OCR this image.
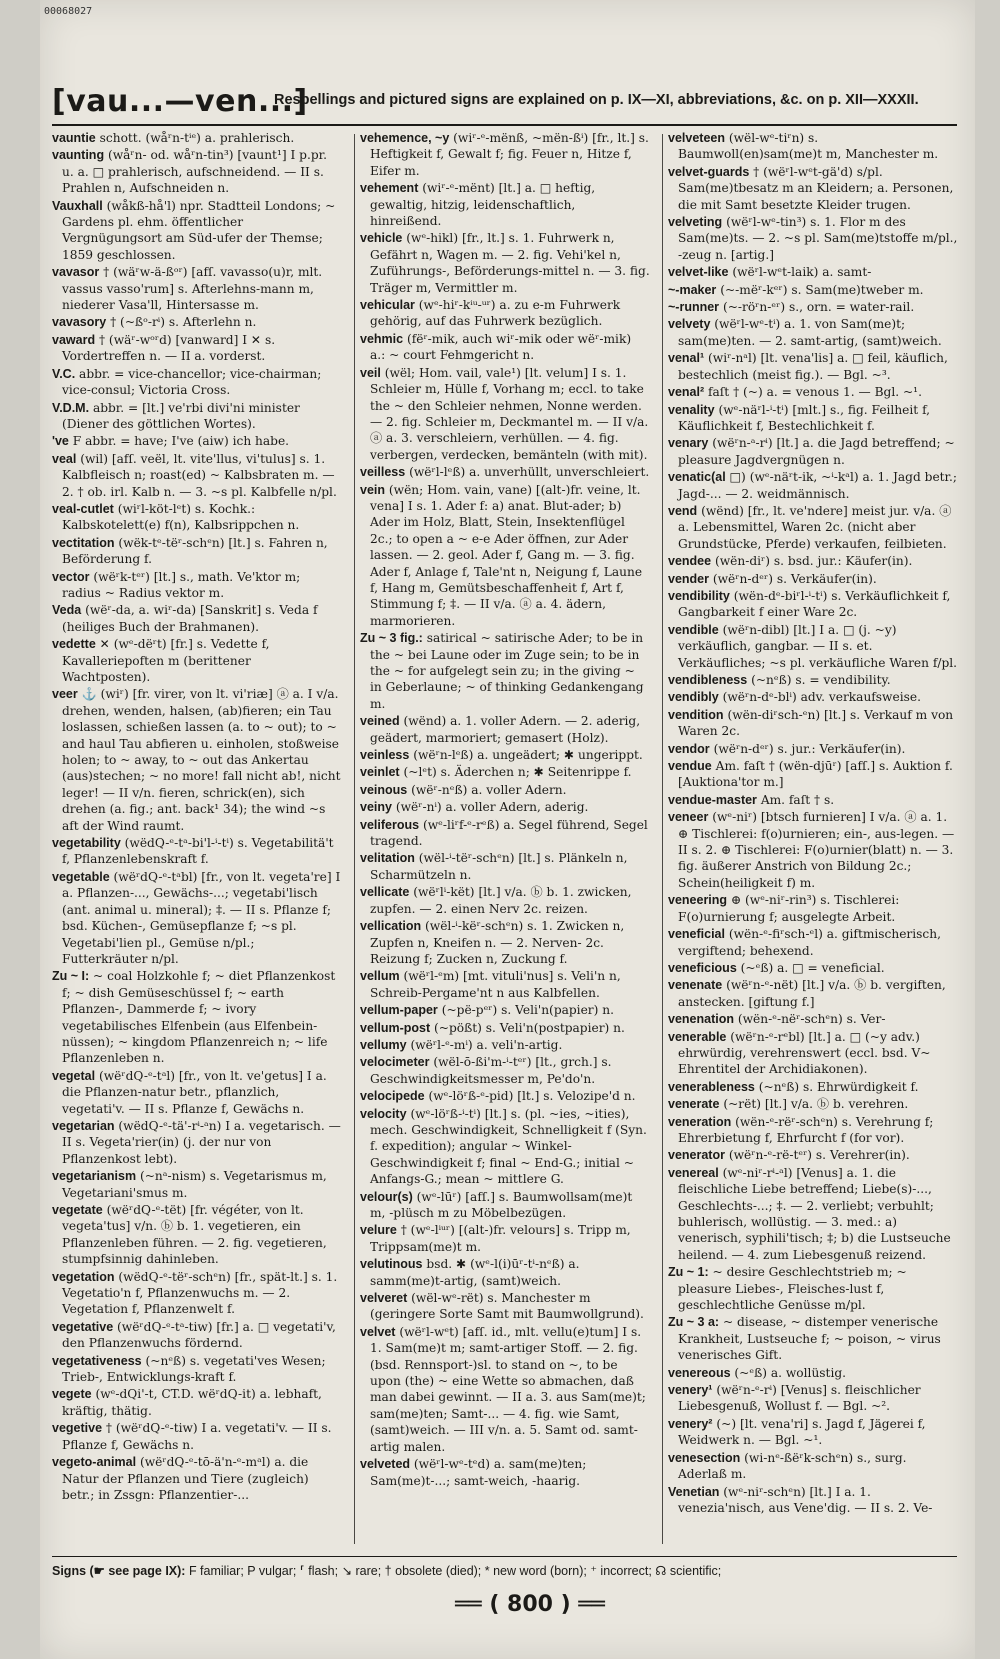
00068027
[vau...—ven...]
Respellings and pictured signs are explained on p. IX—XI, abbreviations, &c. on p. XII—XXXII.
vauntie schott. (wåʳn-tⁱᵉ) a. prahlerisch.
vaunting (wåʳn- od. wåʳn-tin³) [vaunt¹] I p.pr. u. a. □ prahlerisch, aufschneidend. — II s. Prahlen n, Aufschneiden n.
Vauxhall (wåkß-hå'l) npr. Stadtteil Londons; ~ Gardens pl. ehm. öffentlicher Vergnügungsort am Süd-ufer der Themse; 1859 geschlossen.
vavasor † (wäʳw-ä-ßᵒʳ) [afſ. vavasso(u)r, mlt. vassus vasso'rum] s. Afterlehns-mann m, niederer Vasa'll, Hintersasse m.
vavasory † (~ßᵒ-rⁱ) s. Afterlehn n.
vaward † (wäʳ-wᵒʳd) [vanward] I ✕ s. Vordertreffen n. — II a. vorderst.
V.C. abbr. = vice-chancellor; vice-chairman; vice-consul; Victoria Cross.
V.D.M. abbr. = [lt.] ve'rbi divi'ni minister (Diener des göttlichen Wortes).
've F abbr. = have; I've (aiw) ich habe.
veal (wil) [afſ. veël, lt. vite'llus, vi'tulus] s. 1. Kalbfleisch n; roast(ed) ~ Kalbsbraten m. — 2. † ob. irl. Kalb n. — 3. ~s pl. Kalbfelle n/pl.
veal-cutlet (wiʳl-köt-lᵉt) s. Kochk.: Kalbskotelett(e) f(n), Kalbsrippchen n.
vectitation (wëk-tᵉ-tëʳ-schᵉn) [lt.] s. Fahren n, Beförderung f.
vector (wëʳk-tᵉʳ) [lt.] s., math. Ve'ktor m; radius ~ Radius vektor m.
Veda (wëʳ-da, a. wiʳ-da) [Sanskrit] s. Veda f (heiliges Buch der Brahmanen).
vedette ✕ (wᵉ-dëʳt) [fr.] s. Vedette f, Kavalleriepoften m (berittener Wachtposten).
veer ⚓ (wiʳ) [fr. virer, von lt. vi'riæ] ⓐ a. I v/a. drehen, wenden, halsen, (ab)fieren; ein Tau loslassen, schießen lassen (a. to ~ out); to ~ and haul Tau abfieren u. einholen, stoßweise holen; to ~ away, to ~ out das Ankertau (aus)stechen; ~ no more! fall nicht ab!, nicht leger! — II v/n. fieren, schrick(en), sich drehen (a. fig.; ant. back¹ 34); the wind ~s aft der Wind raumt.
vegetability (wëdQ-ᵉ-tᵃ-bi'l-ⁱ-tⁱ) s. Vegetabilitä't f, Pflanzenlebenskraft f.
vegetable (wëʳdQ-ᵉ-tᵃbl) [fr., von lt. vegeta're] I a. Pflanzen-..., Gewächs-...; vegetabi'lisch (ant. animal u. mineral); ‡. — II s. Pflanze f; bsd. Küchen-, Gemüsepflanze f; ~s pl. Vegetabi'lien pl., Gemüse n/pl.; Futterkräuter n/pl.
Zu ~ I: ~ coal Holzkohle f; ~ diet Pflanzenkost f; ~ dish Gemüseschüssel f; ~ earth Pflanzen-, Dammerde f; ~ ivory vegetabilisches Elfenbein (aus Elfenbein-nüssen); ~ kingdom Pflanzenreich n; ~ life Pflanzenleben n.
vegetal (wëʳdQ-ᵉ-tᵃl) [fr., von lt. ve'getus] I a. die Pflanzen-natur betr., pflanzlich, vegetati'v. — II s. Pflanze f, Gewächs n.
vegetarian (wëdQ-ᵉ-tä'-rⁱ-ᵃn) I a. vegetarisch. — II s. Vegeta'rier(in) (j. der nur von Pflanzenkost lebt).
vegetarianism (~nᵃ-nism) s. Vegetarismus m, Vegetariani'smus m.
vegetate (wëʳdQ-ᵉ-tët) [fr. végéter, von lt. vegeta'tus] v/n. ⓑ b. 1. vegetieren, ein Pflanzenleben führen. — 2. fig. vegetieren, stumpfsinnig dahinleben.
vegetation (wëdQ-ᵉ-tëʳ-schᵉn) [fr., spät-lt.] s. 1. Vegetatio'n f, Pflanzenwuchs m. — 2. Vegetation f, Pflanzenwelt f.
vegetative (wëʳdQ-ᵉ-tᵃ-tiw) [fr.] a. □ vegetati'v, den Pflanzenwuchs fördernd.
vegetativeness (~nᵉß) s. vegetati'ves Wesen; Trieb-, Entwicklungs-kraft f.
vegete (wᵉ-dQi'-t, CT.D. wëʳdQ-it) a. lebhaft, kräftig, thätig.
vegetive † (wëʳdQ-ᵉ-tiw) I a. vegetati'v. — II s. Pflanze f, Gewächs n.
vegeto-animal (wëʳdQ-ᵉ-tō-ä'n-ᵉ-mᵃl) a. die Natur der Pflanzen und Tiere (zugleich) betr.; in Zssgn: Pflanzentier-...
vehemence, ~y (wiʳ-ᵉ-mënß, ~mën-ßⁱ) [fr., lt.] s. Heftigkeit f, Gewalt f; fig. Feuer n, Hitze f, Eifer m.
vehement (wiʳ-ᵉ-mënt) [lt.] a. □ heftig, gewaltig, hitzig, leidenschaftlich, hinreißend.
vehicle (wᵉ-hikl) [fr., lt.] s. 1. Fuhrwerk n, Gefährt n, Wagen m. — 2. fig. Vehi'kel n, Zuführungs-, Beförderungs-mittel n. — 3. fig. Träger m, Vermittler m.
vehicular (wᵉ-hiʳ-kⁱᵘ-ᵘʳ) a. zu e-m Fuhrwerk gehörig, auf das Fuhrwerk bezüglich.
vehmic (fëʳ-mik, auch wiʳ-mik oder wëʳ-mik) a.: ~ court Fehmgericht n.
veil (wël; Hom. vail, vale¹) [lt. velum] I s. 1. Schleier m, Hülle f, Vorhang m; eccl. to take the ~ den Schleier nehmen, Nonne werden. — 2. fig. Schleier m, Deckmantel m. — II v/a. ⓐ a. 3. verschleiern, verhüllen. — 4. fig. verbergen, verdecken, bemänteln (with mit).
veilless (wëʳl-lᵉß) a. unverhüllt, unverschleiert.
vein (wën; Hom. vain, vane) [(alt-)fr. veine, lt. vena] I s. 1. Ader f: a) anat. Blut-ader; b) Ader im Holz, Blatt, Stein, Insektenflügel 2c.; to open a ~ e-e Ader öffnen, zur Ader lassen. — 2. geol. Ader f, Gang m. — 3. fig. Ader f, Anlage f, Tale'nt n, Neigung f, Laune f, Hang m, Gemütsbeschaffenheit f, Art f, Stimmung f; ‡. — II v/a. ⓐ a. 4. ädern, marmorieren.
Zu ~ 3 fig.: satirical ~ satirische Ader; to be in the ~ bei Laune oder im Zuge sein; to be in the ~ for aufgelegt sein zu; in the giving ~ in Geberlaune; ~ of thinking Gedankengang m.
veined (wënd) a. 1. voller Adern. — 2. aderig, geädert, marmoriert; gemasert (Holz).
veinless (wëʳn-lᵉß) a. ungeädert; ✱ ungerippt.
veinlet (~lᵉt) s. Äderchen n; ✱ Seitenrippe f.
veinous (wëʳ-nᵉß) a. voller Adern.
veiny (wëʳ-nⁱ) a. voller Adern, aderig.
veliferous (wᵉ-liʳf-ᵉ-rᵉß) a. Segel führend, Segel tragend.
velitation (wël-ⁱ-tëʳ-schᵉn) [lt.] s. Plänkeln n, Scharmützeln n.
vellicate (wëʳlⁱ-kët) [lt.] v/a. ⓑ b. 1. zwicken, zupfen. — 2. einen Nerv 2c. reizen.
vellication (wël-ⁱ-këʳ-schᵉn) s. 1. Zwicken n, Zupfen n, Kneifen n. — 2. Nerven- 2c. Reizung f; Zucken n, Zuckung f.
vellum (wëʳl-ᵉm) [mt. vituli'nus] s. Veli'n n, Schreib-Pergame'nt n aus Kalbfellen.
vellum-paper (~pë-pᵉʳ) s. Veli'n(papier) n.
vellum-post (~pößt) s. Veli'n(postpapier) n.
vellumy (wëʳl-ᵉ-mⁱ) a. veli'n-artig.
velocimeter (wël-ō-ßi'm-ⁱ-tᵉʳ) [lt., grch.] s. Geschwindigkeitsmesser m, Pe'do'n.
velocipede (wᵉ-löʳß-ᵉ-pid) [lt.] s. Velozipe'd n.
velocity (wᵉ-löʳß-ⁱ-tⁱ) [lt.] s. (pl. ~ies, ~ities), mech. Geschwindigkeit, Schnelligkeit f (Syn. f. expedition); angular ~ Winkel-Geschwindigkeit f; final ~ End-G.; initial ~ Anfangs-G.; mean ~ mittlere G.
velour(s) (wᵉ-lūʳ) [afſ.] s. Baumwollsam(me)t m, -plüsch m zu Möbelbezügen.
velure † (wᵉ-lⁱᵘʳ) [(alt-)fr. velours] s. Tripp m, Trippsam(me)t m.
velutinous bsd. ✱ (wᵉ-l(i)ūʳ-tⁱ-nᵉß) a. samm(me)t-artig, (samt)weich.
velveret (wël-wᵉ-rët) s. Manchester m (geringere Sorte Samt mit Baumwollgrund).
velvet (wëʳl-wᵉt) [afſ. id., mlt. vellu(e)tum] I s. 1. Sam(me)t m; samt-artiger Stoff. — 2. fig. (bsd. Rennsport-)sl. to stand on ~, to be upon (the) ~ eine Wette so abmachen, daß man dabei gewinnt. — II a. 3. aus Sam(me)t; sam(me)ten; Samt-... — 4. fig. wie Samt, (samt)weich. — III v/n. a. 5. Samt od. samt-artig malen.
velveted (wëʳl-wᵉ-tᵉd) a. sam(me)ten; Sam(me)t-...; samt-weich, -haarig.
velveteen (wël-wᵉ-tiʳn) s. Baumwoll(en)sam(me)t m, Manchester m.
velvet-guards † (wëʳl-wᵉt-gä'd) s/pl. Sam(me)tbesatz m an Kleidern; a. Personen, die mit Samt besetzte Kleider trugen.
velveting (wëʳl-wᵉ-tin³) s. 1. Flor m des Sam(me)ts. — 2. ~s pl. Sam(me)tstoffe m/pl., -zeug n. [artig.]
velvet-like (wëʳl-wᵉt-laik) a. samt-
~-maker (~-mëʳ-kᵉʳ) s. Sam(me)tweber m.
~-runner (~-röʳn-ᵉʳ) s., orn. = water-rail.
velvety (wëʳl-wᵉ-tⁱ) a. 1. von Sam(me)t; sam(me)ten. — 2. samt-artig, (samt)weich.
venal¹ (wiʳ-nᵃl) [lt. vena'lis] a. □ feil, käuflich, bestechlich (meist fig.). — Bgl. ~³.
venal² faſt † (~) a. = venous 1. — Bgl. ~¹.
venality (wᵉ-näʳl-ⁱ-tⁱ) [mlt.] s., fig. Feilheit f, Käuflichkeit f, Bestechlichkeit f.
venary (wëʳn-ᵃ-rⁱ) [lt.] a. die Jagd betreffend; ~ pleasure Jagdvergnügen n.
venatic(al □) (wᵉ-näʳt-ik, ~ⁱ-kᵃl) a. 1. Jagd betr.; Jagd-... — 2. weidmännisch.
vend (wënd) [fr., lt. ve'ndere] meist jur. v/a. ⓐ a. Lebensmittel, Waren 2c. (nicht aber Grundstücke, Pferde) verkaufen, feilbieten.
vendee (wën-diʳ) s. bsd. jur.: Käufer(in).
vender (wëʳn-dᵉʳ) s. Verkäufer(in).
vendibility (wën-dᵉ-biʳl-ⁱ-tⁱ) s. Verkäuflichkeit f, Gangbarkeit f einer Ware 2c.
vendible (wëʳn-dibl) [lt.] I a. □ (j. ~y) verkäuflich, gangbar. — II s. et. Verkäufliches; ~s pl. verkäufliche Waren f/pl.
vendibleness (~nᵉß) s. = vendibility.
vendibly (wëʳn-dᵉ-blⁱ) adv. verkaufsweise.
vendition (wën-diʳsch-ᵉn) [lt.] s. Verkauf m von Waren 2c.
vendor (wëʳn-dᵉʳ) s. jur.: Verkäufer(in).
vendue Am. faſt † (wën-djūʳ) [afſ.] s. Auktion f. [Auktiona'tor m.]
vendue-master Am. faſt † s.
veneer (wᵉ-niʳ) [btsch furnieren] I v/a. ⓐ a. 1. ⊕ Tischlerei: f(o)urnieren; ein-, aus-legen. — II s. 2. ⊕ Tischlerei: F(o)urnier(blatt) n. — 3. fig. äußerer Anstrich von Bildung 2c.; Schein(heiligkeit f) m.
veneering ⊕ (wᵉ-niʳ-rin³) s. Tischlerei: F(o)urnierung f; ausgelegte Arbeit.
veneficial (wën-ᵉ-fiʳsch-ᵉl) a. giftmischerisch, vergiftend; behexend.
veneficious (~ᵉß) a. □ = veneficial.
venenate (wëʳn-ᵉ-nët) [lt.] v/a. ⓑ b. vergiften, anstecken. [giftung f.]
venenation (wën-ᵉ-nëʳ-schᵉn) s. Ver-
venerable (wëʳn-ᵉ-rᵉbl) [lt.] a. □ (~y adv.) ehrwürdig, verehrenswert (eccl. bsd. V~ Ehrentitel der Archidiakonen).
venerableness (~nᵉß) s. Ehrwürdigkeit f.
venerate (~rët) [lt.] v/a. ⓑ b. verehren.
veneration (wën-ᵉ-rëʳ-schᵉn) s. Verehrung f; Ehrerbietung f, Ehrfurcht f (for vor).
venerator (wëʳn-ᵉ-rë-tᵉʳ) s. Verehrer(in).
venereal (wᵉ-niʳ-rⁱ-ᵃl) [Venus] a. 1. die fleischliche Liebe betreffend; Liebe(s)-..., Geschlechts-...; ‡. — 2. verliebt; verbuhlt; buhlerisch, wollüstig. — 3. med.: a) venerisch, syphili'tisch; ‡; b) die Lustseuche heilend. — 4. zum Liebesgenuß reizend.
Zu ~ 1: ~ desire Geschlechtstrieb m; ~ pleasure Liebes-, Fleisches-lust f, geschlechtliche Genüsse m/pl.
Zu ~ 3 a: ~ disease, ~ distemper venerische Krankheit, Lustseuche f; ~ poison, ~ virus venerisches Gift.
venereous (~ᵉß) a. wollüstig.
venery¹ (wëʳn-ᵉ-rⁱ) [Venus] s. fleischlicher Liebesgenuß, Wollust f. — Bgl. ~².
venery² (~) [lt. vena'ri] s. Jagd f, Jägerei f, Weidwerk n. — Bgl. ~¹.
venesection (wi-nᵉ-ßëʳk-schᵉn) s., surg. Aderlaß m.
Venetian (wᵉ-niʳ-schᵉn) [lt.] I a. 1. venezia'nisch, aus Vene'dig. — II s. 2. Ve-
Signs (☛ see page IX): F familiar; P vulgar; ⸢ flash; ↘ rare; † obsolete (died); * new word (born); ⁺ incorrect; ☊ scientific;
══ ( 800 ) ══
